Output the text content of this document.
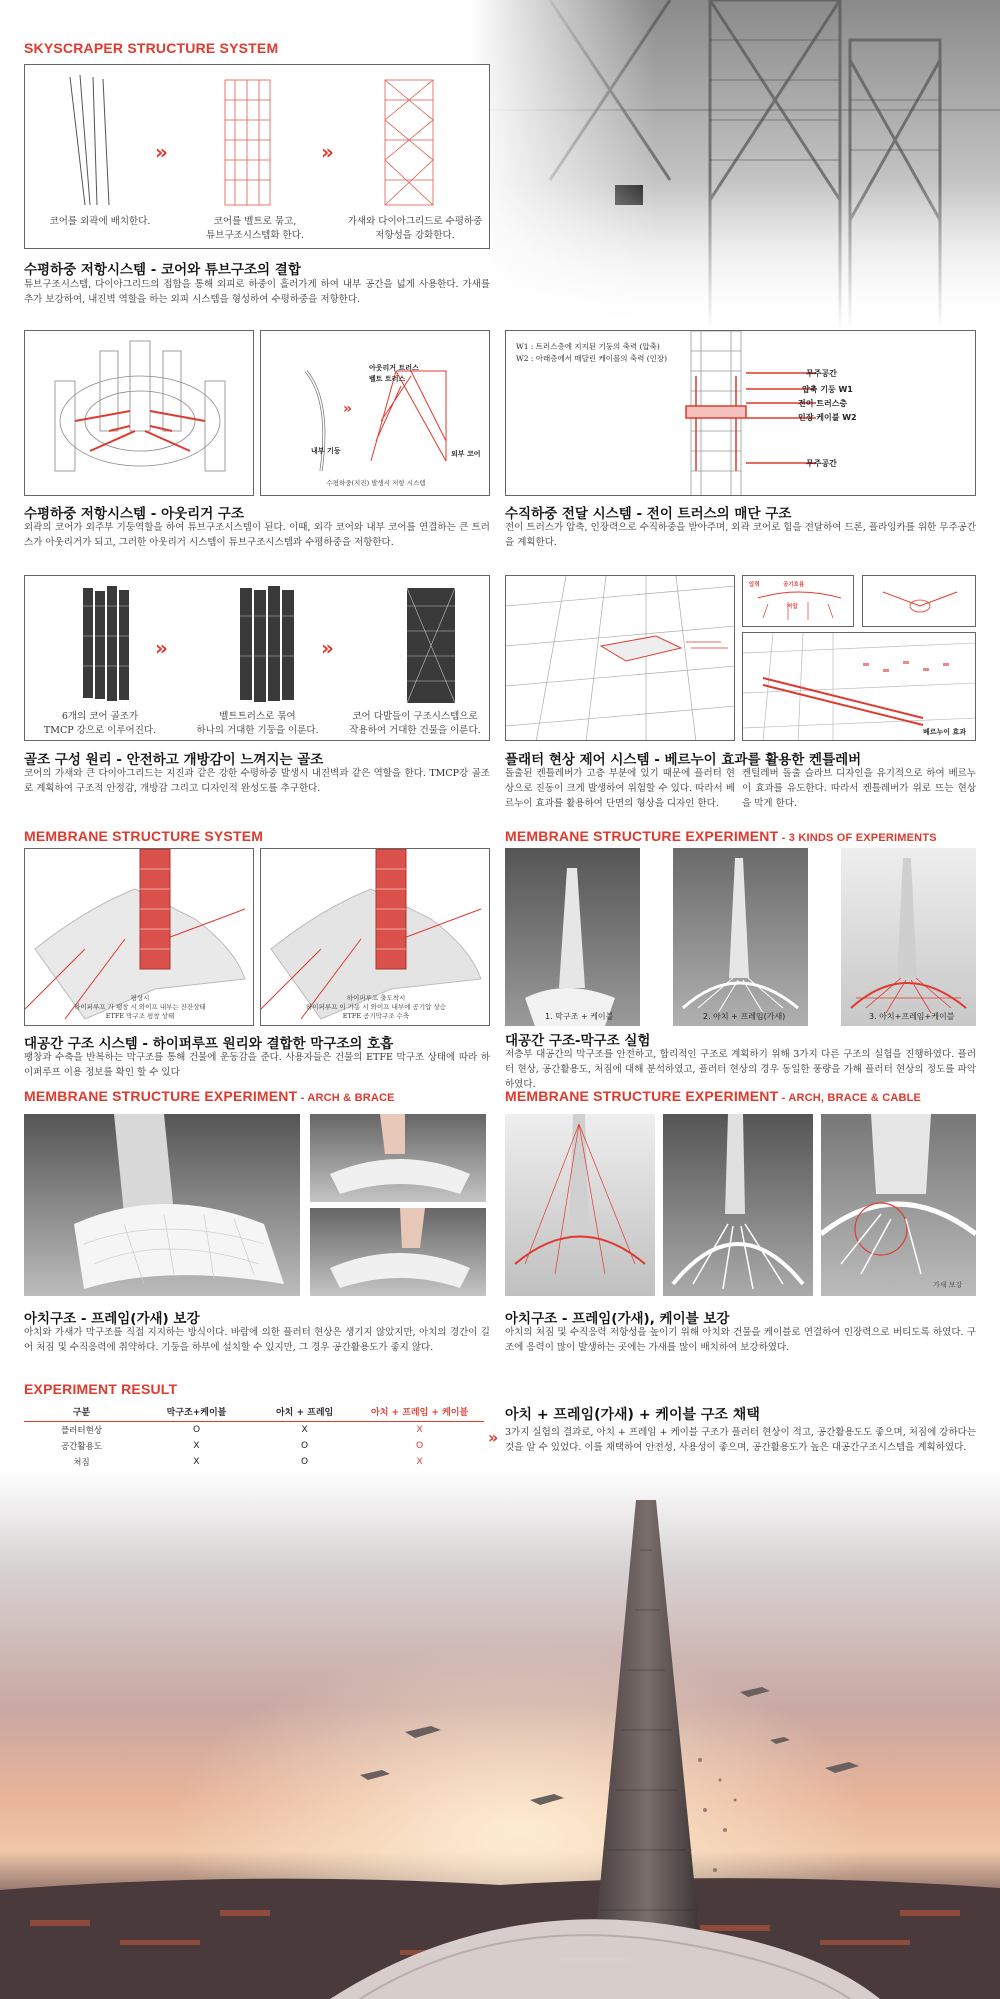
SKYSCRAPER STRUCTURE SYSTEM
»	»
코어를 외곽에 배치한다.	코어를 벨트로 묶고,
튜브구조시스템화 한다.
가새와 다이아그리드로 수평하중
저항성을 강화한다.
수평하중 저항시스템 - 코어와 튜브구조의 결합
튜브구조시스템, 다이아그리드의 접합을 통해 외피로 하중이 흘러가게 하여 내부 공간을 넓게 사용한다. 가새를 추가 보강하여, 내진벽 역할을 하는 외피 시스템을 형성하여 수평하중을 저항한다.
»
아웃리거 트러스
벨트 트러스
내부 기둥	외부 코어
수평하중(지진) 발생시 저항 시스템
수평하중 저항시스템 - 아웃리거 구조
외곽의 코어가 외주부 기둥역할을 하여 튜브구조시스템이 된다. 이때, 외각 코어와 내부 코어를 연결하는 큰 트러스가 아웃리거가 되고, 그러한 아웃리거 시스템이 튜브구조시스템과 수평하중을 저항한다.
W1 : 트러스층에 지지된 기둥의 축력 (압축)
W2 : 아래층에서 매달린 케이블의 축력 (인장)
무주공간
압축 기둥 W1
전이 트러스층
인장 케이블 W2
무주공간
수직하중 전달 시스템 - 전이 트러스의 매단 구조
전이 트러스가 압축, 인장력으로 수직하중을 받아주며, 외곽 코어로 힘을 전달하여 드론, 플라잉카를 위한 무주공간을 계획한다.
»	»
6개의 코어 골조가
TMCP 강으로 이루어진다.
벨트트러스로 묶여
하나의 거대한 기둥을 이룬다.
코어 다발들이 구조시스템으로
작용하여 거대한 건물을 이룬다.
골조 구성 원리 - 안전하고 개방감이 느껴지는 골조
코어의 가새와 큰 다이아그리드는 지진과 같은 강한 수평하중 발생시 내진벽과 같은 역할을 한다. TMCP강 골조로 계획하여 구조적 안정감, 개방감 그리고 디자인적 완성도를 추구한다.
압력	공기흐름
저압
베르누이 효과
플래터 현상 제어 시스템 - 베르누이 효과를 활용한 켄틀레버
돌출된 켄틀레버가 고층 부분에 있기 때문에 플러터 현상으로 진동이 크게 발생하여 위험할 수 있다. 따라서 베르누이 효과를 활용하여 단면의 형상을 디자인 한다.
켄틸레버 돌출 슬라브 디자인을 유기적으로 하여 베르누이 효과를 유도한다. 따라서 켄틀레버가 위로 뜨는 현상을 막게 한다.
MEMBRANE STRUCTURE SYSTEM
평상시
하이퍼루프 가 팽창 시 와이프 내부는 잔잔상태
ETFE 막구조 평창 상태
하이퍼루프 출도착시
하이퍼루프 이 가동 시 와이프 내부에 공기압 상승
ETFE 공기막구조 수축
대공간 구조 시스템 - 하이퍼루프 원리와 결합한 막구조의 호흡
팽창과 수축을 반복하는 막구조를 통해 건물에 운동감을 준다. 사용자들은 건물의 ETFE 막구조 상태에 따라 하이퍼루프 이용 정보를 확인 할 수 있다
MEMBRANE STRUCTURE EXPERIMENT - 3 KINDS OF EXPERIMENTS
1. 막구조 + 케이블	2. 아치 + 프레임(가새)	3. 아치+프레임+케이블
대공간 구조-막구조 실험
저층부 대공간의 막구조를 안전하고, 합리적인 구조로 계획하기 위해 3가지 다른 구조의 실험을 진행하였다. 플러터 현상, 공간활용도, 처짐에 대해 분석하였고, 플러터 현상의 경우 동일한 풍량을 가해 플러터 현상의 정도를 파악하였다.
MEMBRANE STRUCTURE EXPERIMENT - ARCH & BRACE
아치구조 - 프레임(가새) 보강
아치와 가새가 막구조를 직접 지지하는 방식이다. 바람에 의한 플러터 현상은 생기지 않았지만, 아치의 경간이 길어 처짐 및 수직응력에 취약하다. 기둥을 하부에 설치할 수 있지만, 그 경우 공간활용도가 좋지 않다.
MEMBRANE STRUCTURE EXPERIMENT - ARCH, BRACE & CABLE
가새 보강
아치구조 - 프레임(가새), 케이블 보강
아치의 처짐 및 수직응력 저항성을 높이기 위해 아치와 건물을 케이블로 연결하여 인장력으로 버티도록 하였다. 구조에 응력이 많이 발생하는 곳에는 가새를 많이 배치하여 보강하였다.
EXPERIMENT RESULT
구분	막구조+케이블	아치 + 프레임	아치 + 프레임 + 케이블
플러터현상	O	X	X
공간활용도	X	O	O
처짐	X	O	X
»
아치 + 프레임(가새) + 케이블 구조 채택
3가지 실험의 결과로, 아치 + 프레임 + 케이블 구조가 플러터 현상이 적고, 공간활용도도 좋으며, 처짐에 강하다는 것을 알 수 있었다. 이를 채택하여 안전성, 사용성이 좋으며, 공간활용도가 높은 대공간구조시스템을 계획하였다.
